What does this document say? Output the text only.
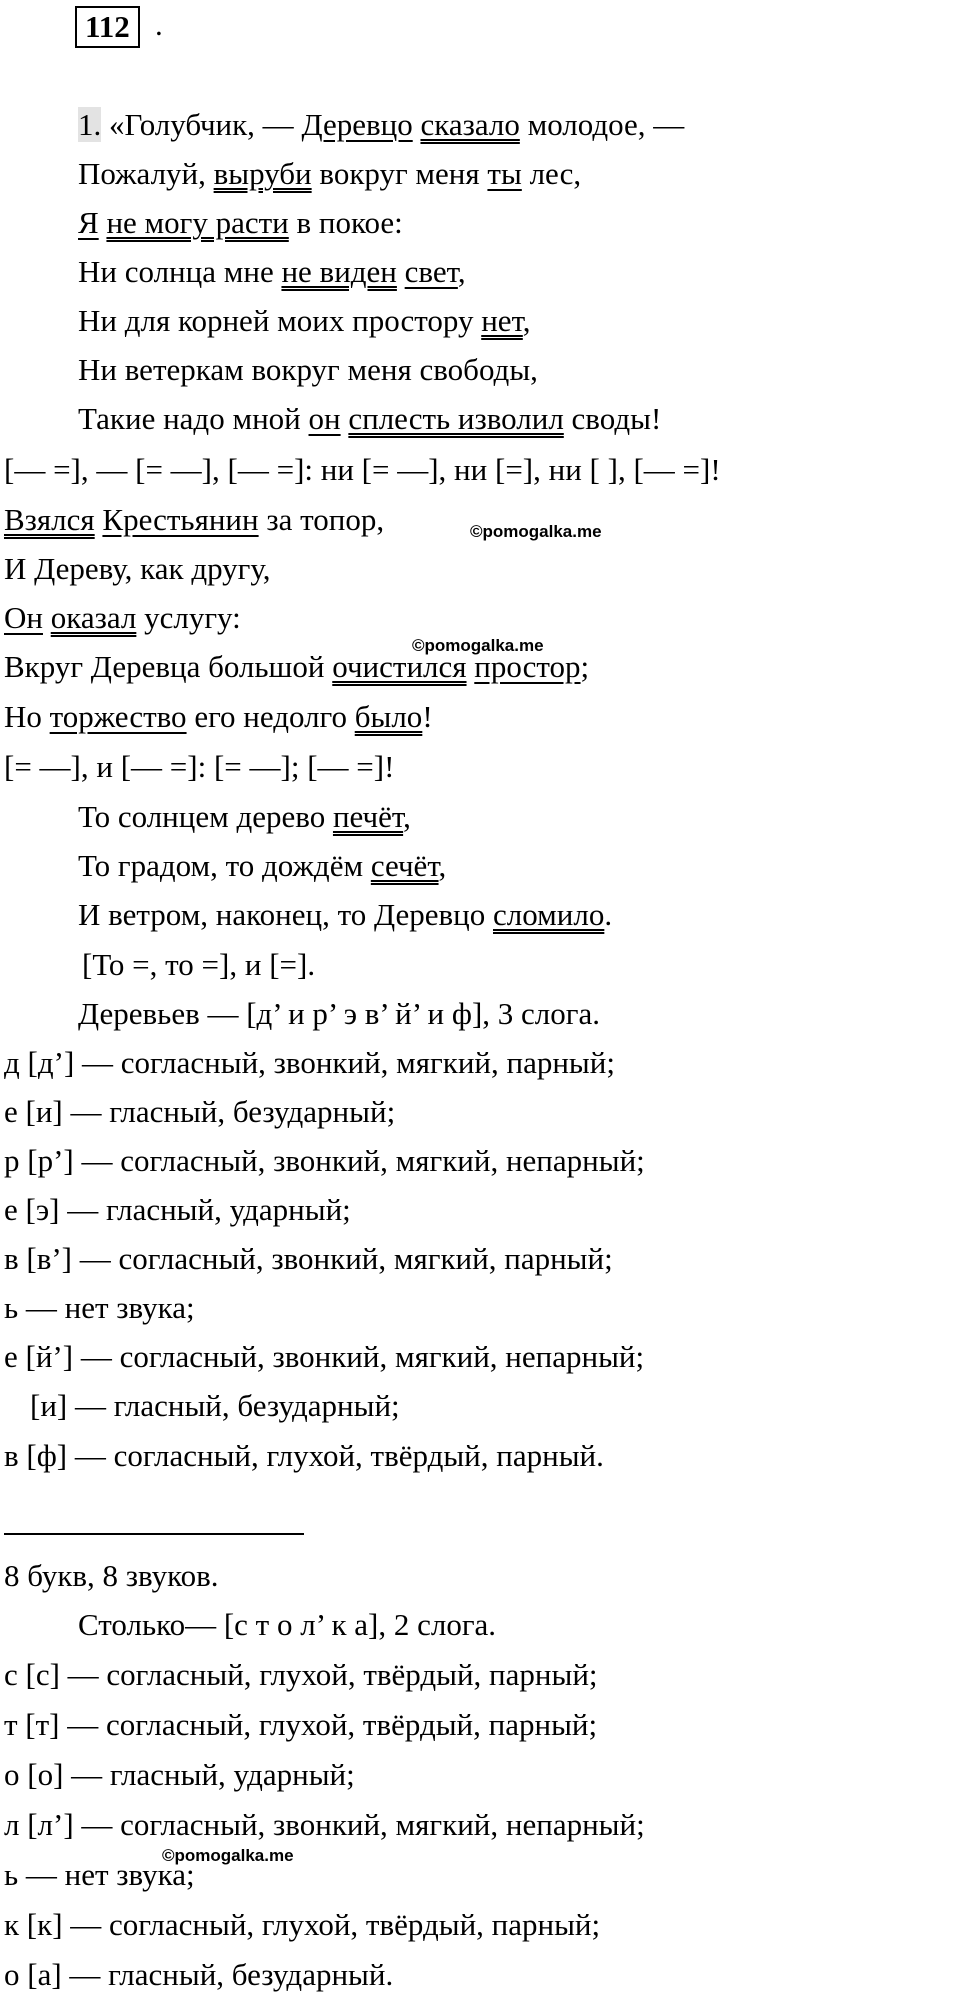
112 .
1. «Голубчик, — Деревцо сказало молодое, —
Пожалуй, выруби вокруг меня ты лес,
Я не могу расти в покое:
Ни солнца мне не виден свет,
Ни для корней моих простору нет,
Ни ветеркам вокруг меня свободы,
Такие надо мной он сплесть изволил своды!
[— =], — [= —], [— =]: ни [= —], ни [=], ни [ ], [— =]!
Взялся Крестьянин за топор,
И Дереву, как другу,
Он оказал услугу:
Вкруг Деревца большой очистился простор;
Но торжество его недолго было!
[= —], и [— =]: [= —]; [— =]!
То солнцем дерево печёт,
То градом, то дождём сечёт,
И ветром, наконец, то Деревцо сломило.
[То =, то =], и [=].
Деревьев — [д’ и р’ э в’ й’ и ф], 3 слога.
д [д’] — согласный, звонкий, мягкий, парный;
е [и] — гласный, безударный;
р [р’] — согласный, звонкий, мягкий, непарный;
е [э] — гласный, ударный;
в [в’] — согласный, звонкий, мягкий, парный;
ь — нет звука;
е [й’] — согласный, звонкий, мягкий, непарный;
[и] — гласный, безударный;
в [ф] — согласный, глухой, твёрдый, парный.
8 букв, 8 звуков.
Столько— [с т о л’ к а], 2 слога.
с [с] — согласный, глухой, твёрдый, парный;
т [т] — согласный, глухой, твёрдый, парный;
о [о] — гласный, ударный;
л [л’] — согласный, звонкий, мягкий, непарный;
ь — нет звука;
к [к] — согласный, глухой, твёрдый, парный;
о [а] — гласный, безударный.
©pomogalka.me
©pomogalka.me
©pomogalka.me
